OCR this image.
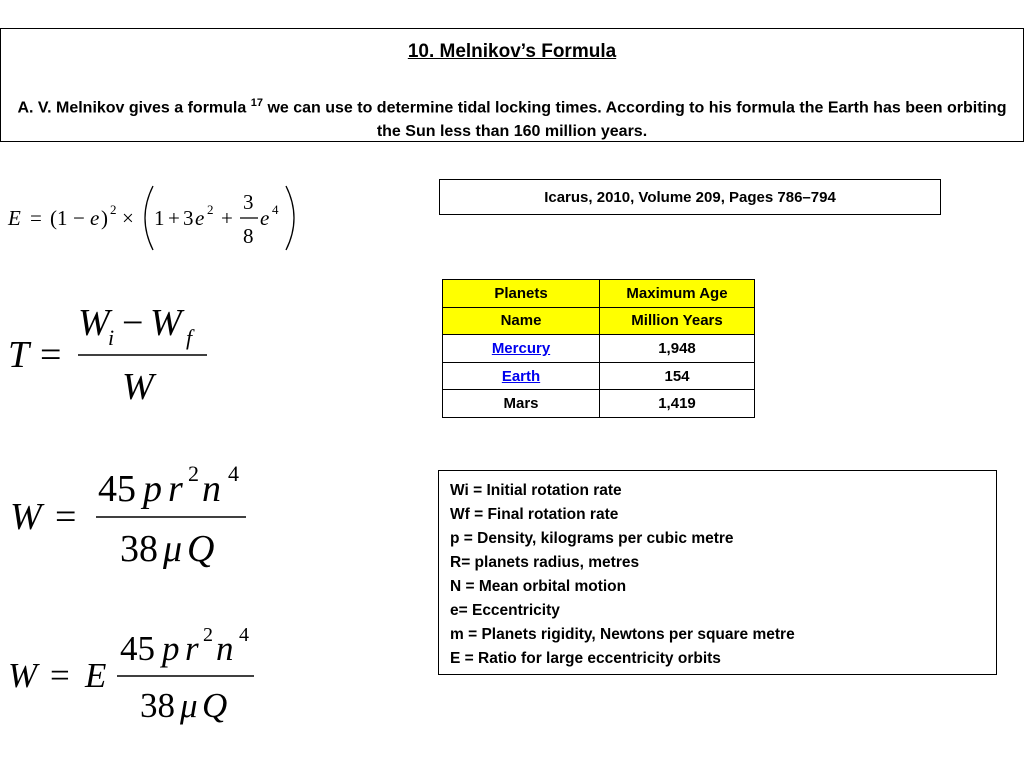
10. Melnikov’s Formula
A. V. Melnikov gives a formula $^{17}$ we can use to determine tidal locking times. According to his formula the Earth has been orbiting the Sun less than 160 million years.
Icarus, 2010, Volume 209, Pages 786–794
Planets	Maximum Age
Name	Million Years
Mercury	1,948
Earth	154
Mars	1,419
Wi = Initial rotation rate
Wf = Final rotation rate
p = Density, kilograms per cubic metre
R= planets radius, metres
N = Mean orbital motion
e= Eccentricity
m = Planets rigidity, Newtons per square metre
E = Ratio for large eccentricity orbits
E = (1 − e ) 2 × 1 + 3 e 2 +
3
8
e 4
T =
W
i − W f
W
W =
45 p r 2 n 4
38 μ Q
W = E
45 p r 2 n 4
38 μ Q
